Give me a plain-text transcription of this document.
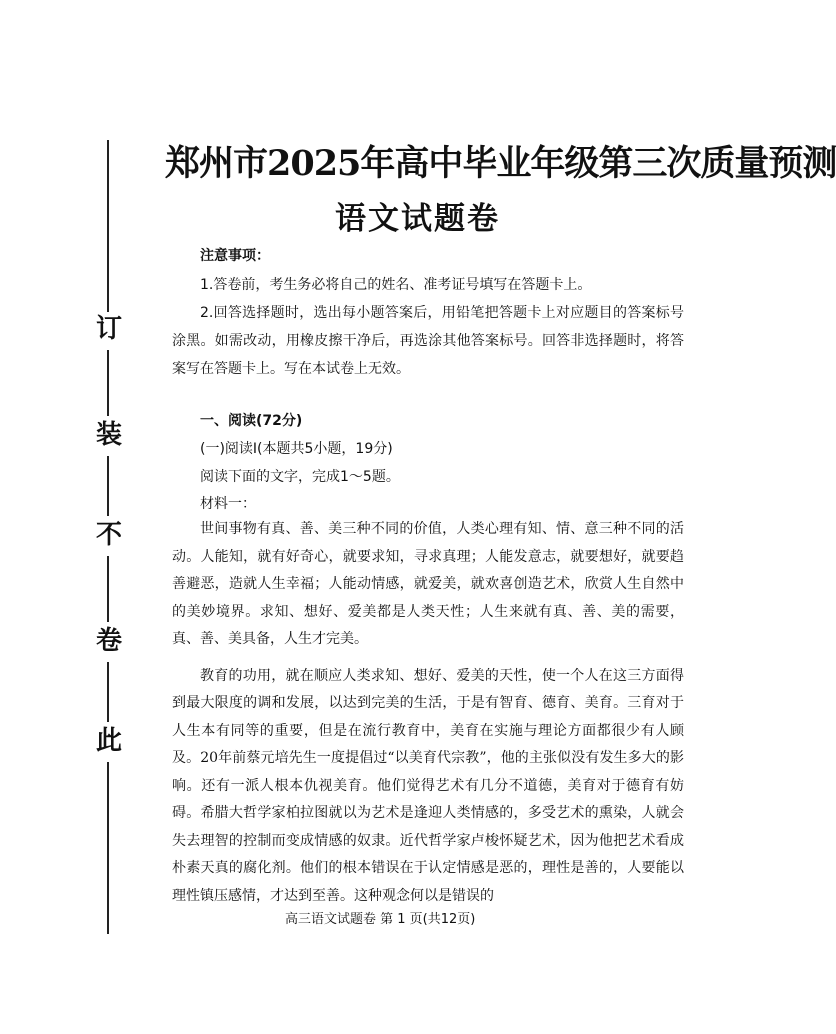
订
装
不
卷
此
郑州市2025年高中毕业年级第三次质量预测
语文试题卷
注意事项：

1.答卷前，考生务必将自己的姓名、准考证号填写在答题卡上。

2.回答选择题时，选出每小题答案后，用铅笔把答题卡上对应题目的答案标号涂黑。如需改动，用橡皮擦干净后，再选涂其他答案标号。回答非选择题时，将答案写在答题卡上。写在本试卷上无效。

一、阅读(72分)
(一)阅读Ⅰ(本题共5小题，19分)
阅读下面的文字，完成1～5题。
材料一：

世间事物有真、善、美三种不同的价值，人类心理有知、情、意三种不同的活动。人能知，就有好奇心，就要求知，寻求真理；人能发意志，就要想好，就要趋善避恶，造就人生幸福；人能动情感，就爱美，就欢喜创造艺术，欣赏人生自然中的美妙境界。求知、想好、爱美都是人类天性；人生来就有真、善、美的需要，真、善、美具备，人生才完美。

教育的功用，就在顺应人类求知、想好、爱美的天性，使一个人在这三方面得到最大限度的调和发展，以达到完美的生活，于是有智育、德育、美育。三育对于人生本有同等的重要，但是在流行教育中，美育在实施与理论方面都很少有人顾及。20年前蔡元培先生一度提倡过“以美育代宗教”，他的主张似没有发生多大的影响。还有一派人根本仇视美育。他们觉得艺术有几分不道德，美育对于德育有妨碍。希腊大哲学家柏拉图就以为艺术是逢迎人类情感的，多受艺术的熏染，人就会失去理智的控制而变成情感的奴隶。近代哲学家卢梭怀疑艺术，因为他把艺术看成朴素天真的腐化剂。他们的根本错误在于认定情感是恶的，理性是善的，人要能以理性镇压感情，才达到至善。这种观念何以是错误的

高三语文试题卷 第 1 页(共12页)
